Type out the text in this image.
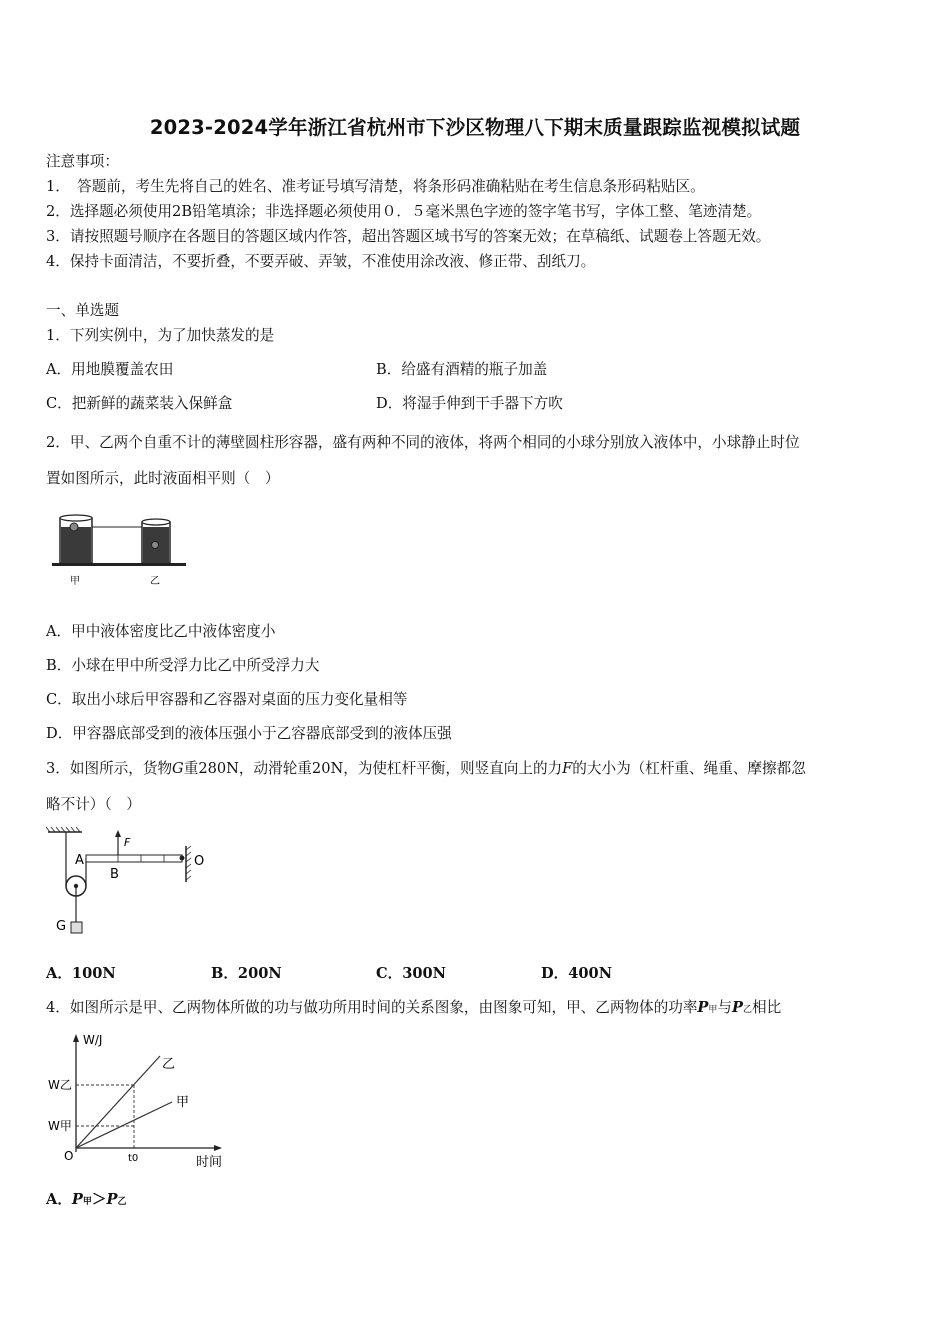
2023-2024学年浙江省杭州市下沙区物理八下期末质量跟踪监视模拟试题
注意事项：
1．　答题前，考生先将自己的姓名、准考证号填写清楚，将条形码准确粘贴在考生信息条形码粘贴区。
2．选择题必须使用2B铅笔填涂；非选择题必须使用０．５毫米黑色字迹的签字笔书写，字体工整、笔迹清楚。
3．请按照题号顺序在各题目的答题区域内作答，超出答题区域书写的答案无效；在草稿纸、试题卷上答题无效。
4．保持卡面清洁，不要折叠，不要弄破、弄皱，不准使用涂改液、修正带、刮纸刀。
一、单选题
1．下列实例中，为了加快蒸发的是
A．用地膜覆盖农田	B．给盛有酒精的瓶子加盖
C．把新鲜的蔬菜装入保鲜盒	D．将湿手伸到干手器下方吹
2．甲、乙两个自重不计的薄壁圆柱形容器，盛有两种不同的液体，将两个相同的小球分别放入液体中，小球静止时位
置如图所示，此时液面相平则（　）
甲	乙
A．甲中液体密度比乙中液体密度小
B．小球在甲中所受浮力比乙中所受浮力大
C．取出小球后甲容器和乙容器对桌面的压力变化量相等
D．甲容器底部受到的液体压强小于乙容器底部受到的液体压强
3．如图所示，货物G重280N，动滑轮重20N，为使杠杆平衡，则竖直向上的力F的大小为（杠杆重、绳重、摩擦都忽
略不计）（　）
A
B
F
O
G
A．100N	B．200N	C．300N	D．400N
4．如图所示是甲、乙两物体所做的功与做功所用时间的关系图象，由图象可知，甲、乙两物体的功率P甲与P乙相比
W/J
时间
O
W乙
W甲
t0
乙
甲
A．P甲＞P乙
